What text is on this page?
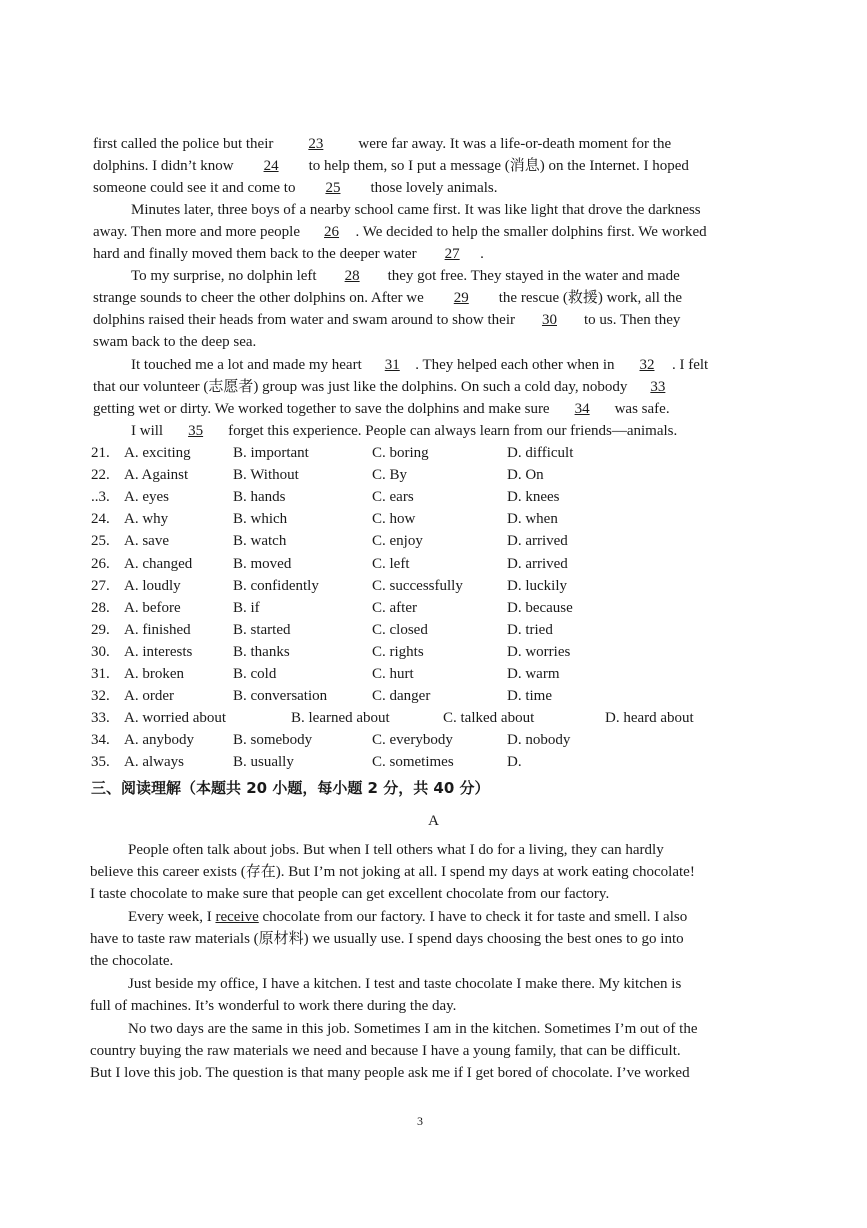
first called the police but their 23 were far away. It was a life-or-death moment for the
dolphins. I didn’t know 24 to help them, so I put a message (消息) on the Internet. I hoped
someone could see it and come to 25 those lovely animals.
Minutes later, three boys of a nearby school came first. It was like light that drove the darkness
away. Then more and more people 26 . We decided to help the smaller dolphins first. We worked
hard and finally moved them back to the deeper water 27 .
To my surprise, no dolphin left 28 they got free. They stayed in the water and made
strange sounds to cheer the other dolphins on. After we 29 the rescue (救援) work, all the
dolphins raised their heads from water and swam around to show their 30 to us. Then they
swam back to the deep sea.
It touched me a lot and made my heart 31 . They helped each other when in 32 . I felt
that our volunteer (志愿者) group was just like the dolphins. On such a cold day, nobody 33
getting wet or dirty. We worked together to save the dolphins and make sure 34 was safe.
I will 35 forget this experience. People can always learn from our friends—animals.
21. A. exciting	B. important	C. boring	D. difficult
22. A. Against	B. Without	C. By	D. On
..3. A. eyes	B. hands	C. ears	D. knees
24. A. why	B. which	C. how	D. when
25. A. save	B. watch	C. enjoy	D. arrived
26. A. changed	B. moved	C. left	D. arrived
27. A. loudly	B. confidently	C. successfully	D. luckily
28. A. before	B. if	C. after	D. because
29. A. finished	B. started	C. closed	D. tried
30. A. interests	B. thanks	C. rights	D. worries
31. A. broken	B. cold	C. hurt	D. warm
32. A. order	B. conversation	C. danger	D. time
33. A. worried about	B. learned about	C. talked about	D. heard about
34. A. anybody	B. somebody	C. everybody	D. nobody
35. A. always	B. usually	C. sometimes	D.
三、阅读理解（本题共 20 小题，每小题 2 分，共 40 分）
A
People often talk about jobs. But when I tell others what I do for a living, they can hardly
believe this career exists (存在). But I’m not joking at all. I spend my days at work eating chocolate!
I taste chocolate to make sure that people can get excellent chocolate from our factory.
Every week, I receive chocolate from our factory. I have to check it for taste and smell. I also
have to taste raw materials (原材料) we usually use. I spend days choosing the best ones to go into
the chocolate.
Just beside my office, I have a kitchen. I test and taste chocolate I make there. My kitchen is
full of machines. It’s wonderful to work there during the day.
No two days are the same in this job. Sometimes I am in the kitchen. Sometimes I’m out of the
country buying the raw materials we need and because I have a young family, that can be difficult.
But I love this job. The question is that many people ask me if I get bored of chocolate. I’ve worked
3
